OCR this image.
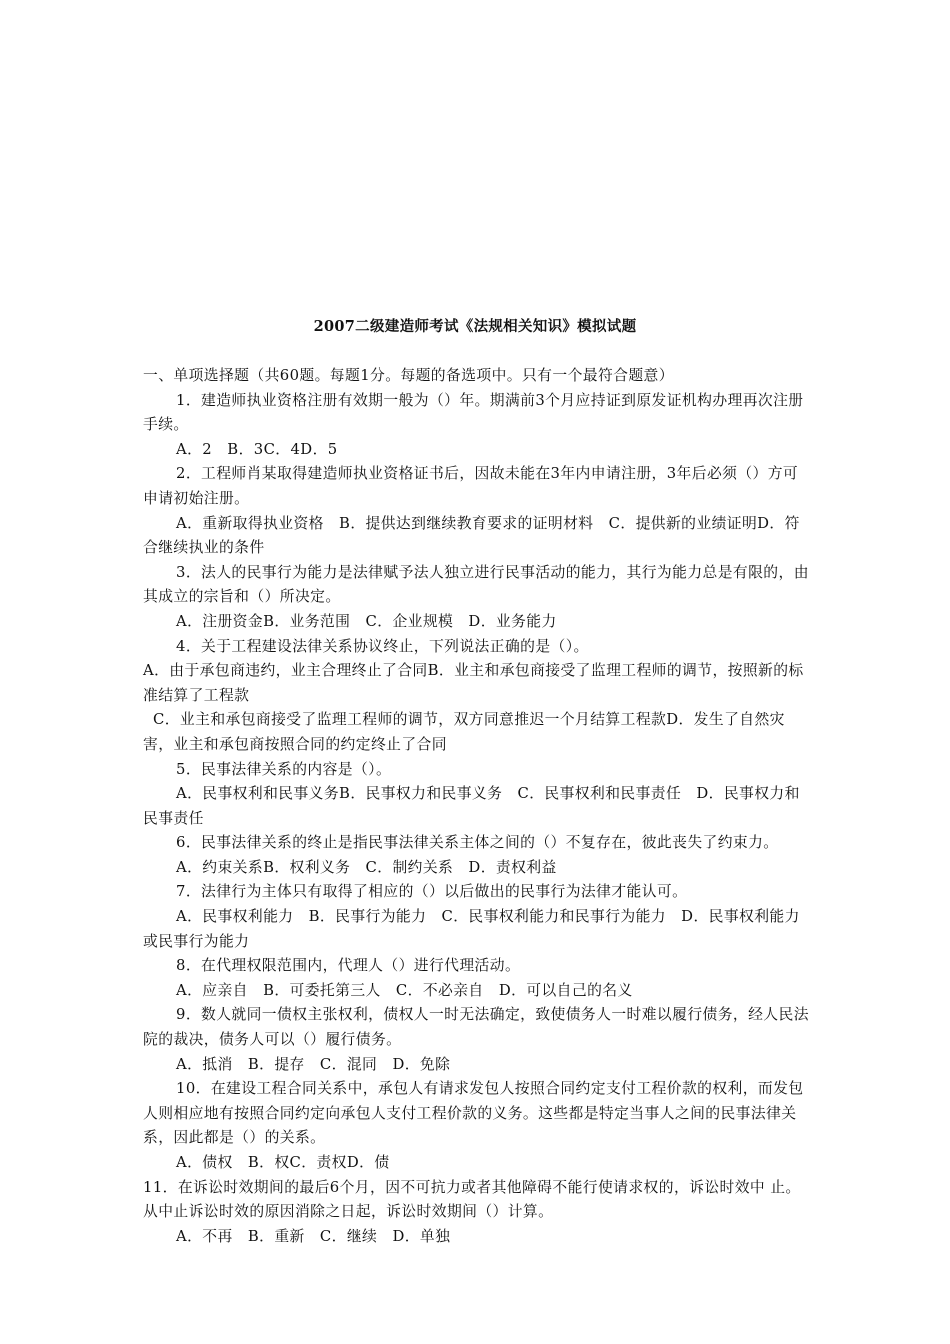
2007二级建造师考试《法规相关知识》模拟试题

一、单项选择题（共60题。每题1分。每题的备选项中。只有一个最符合题意）

1．建造师执业资格注册有效期一般为（）年。期满前3个月应持证到原发证机构办理再次注册手续。

A．2　B．3C．4D．5

2．工程师肖某取得建造师执业资格证书后，因故未能在3年内申请注册，3年后必须（）方可申请初始注册。

A．重新取得执业资格　B．提供达到继续教育要求的证明材料　C．提供新的业绩证明D．符合继续执业的条件

3．法人的民事行为能力是法律赋予法人独立进行民事活动的能力，其行为能力总是有限的，由其成立的宗旨和（）所决定。

A．注册资金B．业务范围　C．企业规模　D．业务能力

4．关于工程建设法律关系协议终止，下列说法正确的是（）。

A．由于承包商违约，业主合理终止了合同B．业主和承包商接受了监理工程师的调节，按照新的标准结算了工程款

C．业主和承包商接受了监理工程师的调节，双方同意推迟一个月结算工程款D．发生了自然灾害，业主和承包商按照合同的约定终止了合同

5．民事法律关系的内容是（）。

A．民事权利和民事义务B．民事权力和民事义务　C．民事权利和民事责任　D．民事权力和民事责任

6．民事法律关系的终止是指民事法律关系主体之间的（）不复存在，彼此丧失了约束力。

A．约束关系B．权利义务　C．制约关系　D．责权利益

7．法律行为主体只有取得了相应的（）以后做出的民事行为法律才能认可。

A．民事权利能力　B．民事行为能力　C．民事权利能力和民事行为能力　D．民事权利能力或民事行为能力

8．在代理权限范围内，代理人（）进行代理活动。

A．应亲自　B．可委托第三人　C．不必亲自　D．可以自己的名义

9．数人就同一债权主张权利，债权人一时无法确定，致使债务人一时难以履行债务，经人民法 院的裁决，债务人可以（）履行债务。

A．抵消　B．提存　C．混同　D．免除

10．在建设工程合同关系中，承包人有请求发包人按照合同约定支付工程价款的权利，而发包人则相应地有按照合同约定向承包人支付工程价款的义务。这些都是特定当事人之间的民事法律关系，因此都是（）的关系。

A．债权　B．权C．责权D．债

11．在诉讼时效期间的最后6个月，因不可抗力或者其他障碍不能行使请求权的，诉讼时效中 止。从中止诉讼时效的原因消除之日起，诉讼时效期间（）计算。

A．不再　B．重新　C．继续　D．单独
